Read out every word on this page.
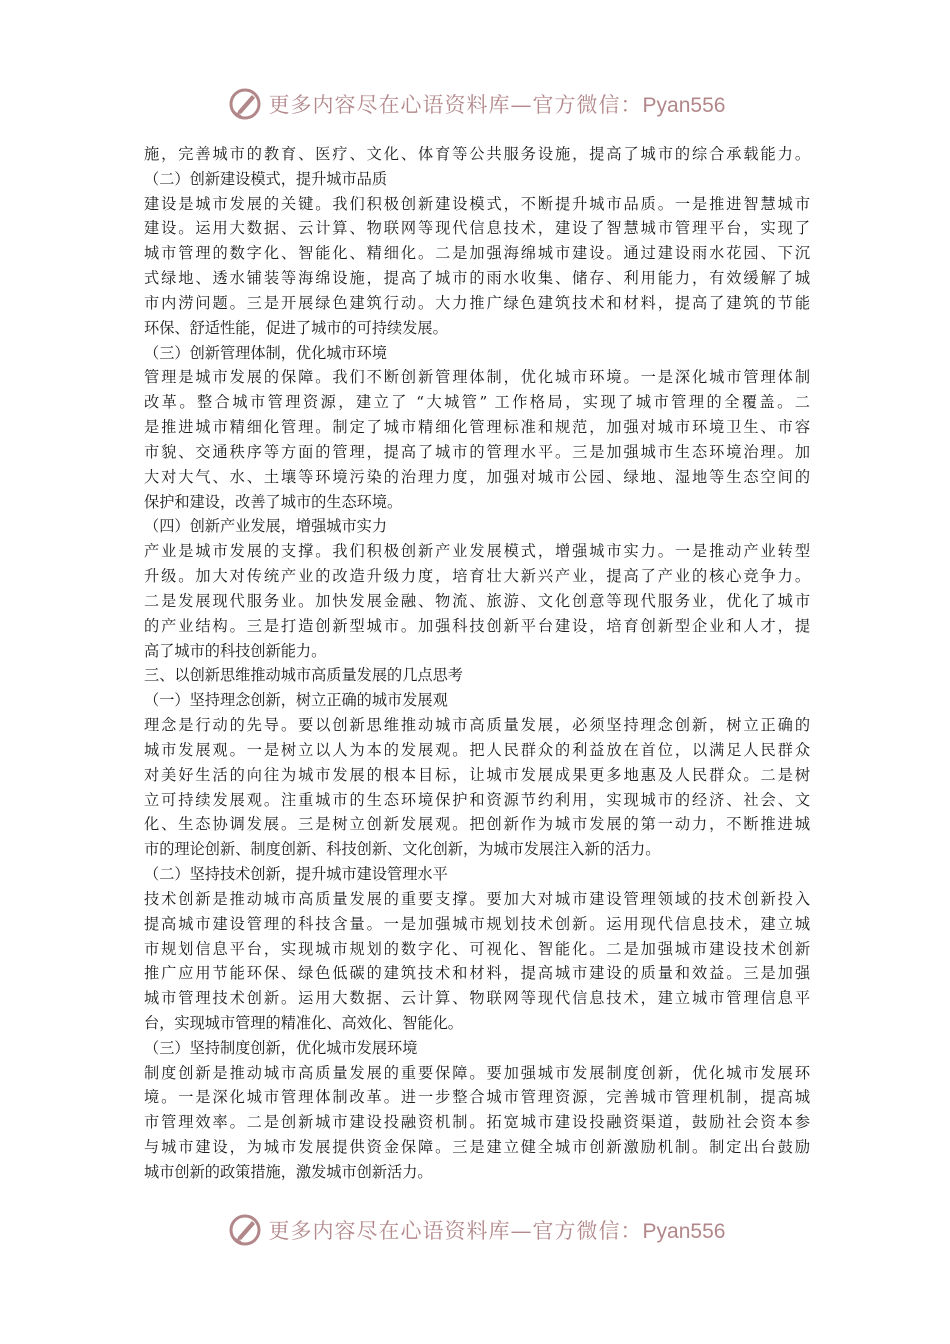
更多内容尽在心语资料库—官方微信：Pyan556
施，完善城市的教育、医疗、文化、体育等公共服务设施，提高了城市的综合承载能力。
（二）创新建设模式，提升城市品质
建设是城市发展的关键。我们积极创新建设模式，不断提升城市品质。一是推进智慧城市
建设。运用大数据、云计算、物联网等现代信息技术，建设了智慧城市管理平台，实现了
城市管理的数字化、智能化、精细化。二是加强海绵城市建设。通过建设雨水花园、下沉
式绿地、透水铺装等海绵设施，提高了城市的雨水收集、储存、利用能力，有效缓解了城
市内涝问题。三是开展绿色建筑行动。大力推广绿色建筑技术和材料，提高了建筑的节能
环保、舒适性能，促进了城市的可持续发展。
（三）创新管理体制，优化城市环境
管理是城市发展的保障。我们不断创新管理体制，优化城市环境。一是深化城市管理体制
改革。整合城市管理资源，建立了 “大城管” 工作格局，实现了城市管理的全覆盖。二
是推进城市精细化管理。制定了城市精细化管理标准和规范，加强对城市环境卫生、市容
市貌、交通秩序等方面的管理，提高了城市的管理水平。三是加强城市生态环境治理。加
大对大气、水、土壤等环境污染的治理力度，加强对城市公园、绿地、湿地等生态空间的
保护和建设，改善了城市的生态环境。
（四）创新产业发展，增强城市实力
产业是城市发展的支撑。我们积极创新产业发展模式，增强城市实力。一是推动产业转型
升级。加大对传统产业的改造升级力度，培育壮大新兴产业，提高了产业的核心竞争力。
二是发展现代服务业。加快发展金融、物流、旅游、文化创意等现代服务业，优化了城市
的产业结构。三是打造创新型城市。加强科技创新平台建设，培育创新型企业和人才，提
高了城市的科技创新能力。
三、以创新思维推动城市高质量发展的几点思考
（一）坚持理念创新，树立正确的城市发展观
理念是行动的先导。要以创新思维推动城市高质量发展，必须坚持理念创新，树立正确的
城市发展观。一是树立以人为本的发展观。把人民群众的利益放在首位，以满足人民群众
对美好生活的向往为城市发展的根本目标，让城市发展成果更多地惠及人民群众。二是树
立可持续发展观。注重城市的生态环境保护和资源节约利用，实现城市的经济、社会、文
化、生态协调发展。三是树立创新发展观。把创新作为城市发展的第一动力，不断推进城
市的理论创新、制度创新、科技创新、文化创新，为城市发展注入新的活力。
（二）坚持技术创新，提升城市建设管理水平
技术创新是推动城市高质量发展的重要支撑。要加大对城市建设管理领域的技术创新投入
提高城市建设管理的科技含量。一是加强城市规划技术创新。运用现代信息技术，建立城
市规划信息平台，实现城市规划的数字化、可视化、智能化。二是加强城市建设技术创新
推广应用节能环保、绿色低碳的建筑技术和材料，提高城市建设的质量和效益。三是加强
城市管理技术创新。运用大数据、云计算、物联网等现代信息技术，建立城市管理信息平
台，实现城市管理的精准化、高效化、智能化。
（三）坚持制度创新，优化城市发展环境
制度创新是推动城市高质量发展的重要保障。要加强城市发展制度创新，优化城市发展环
境。一是深化城市管理体制改革。进一步整合城市管理资源，完善城市管理机制，提高城
市管理效率。二是创新城市建设投融资机制。拓宽城市建设投融资渠道，鼓励社会资本参
与城市建设，为城市发展提供资金保障。三是建立健全城市创新激励机制。制定出台鼓励
城市创新的政策措施，激发城市创新活力。
更多内容尽在心语资料库—官方微信：Pyan556
